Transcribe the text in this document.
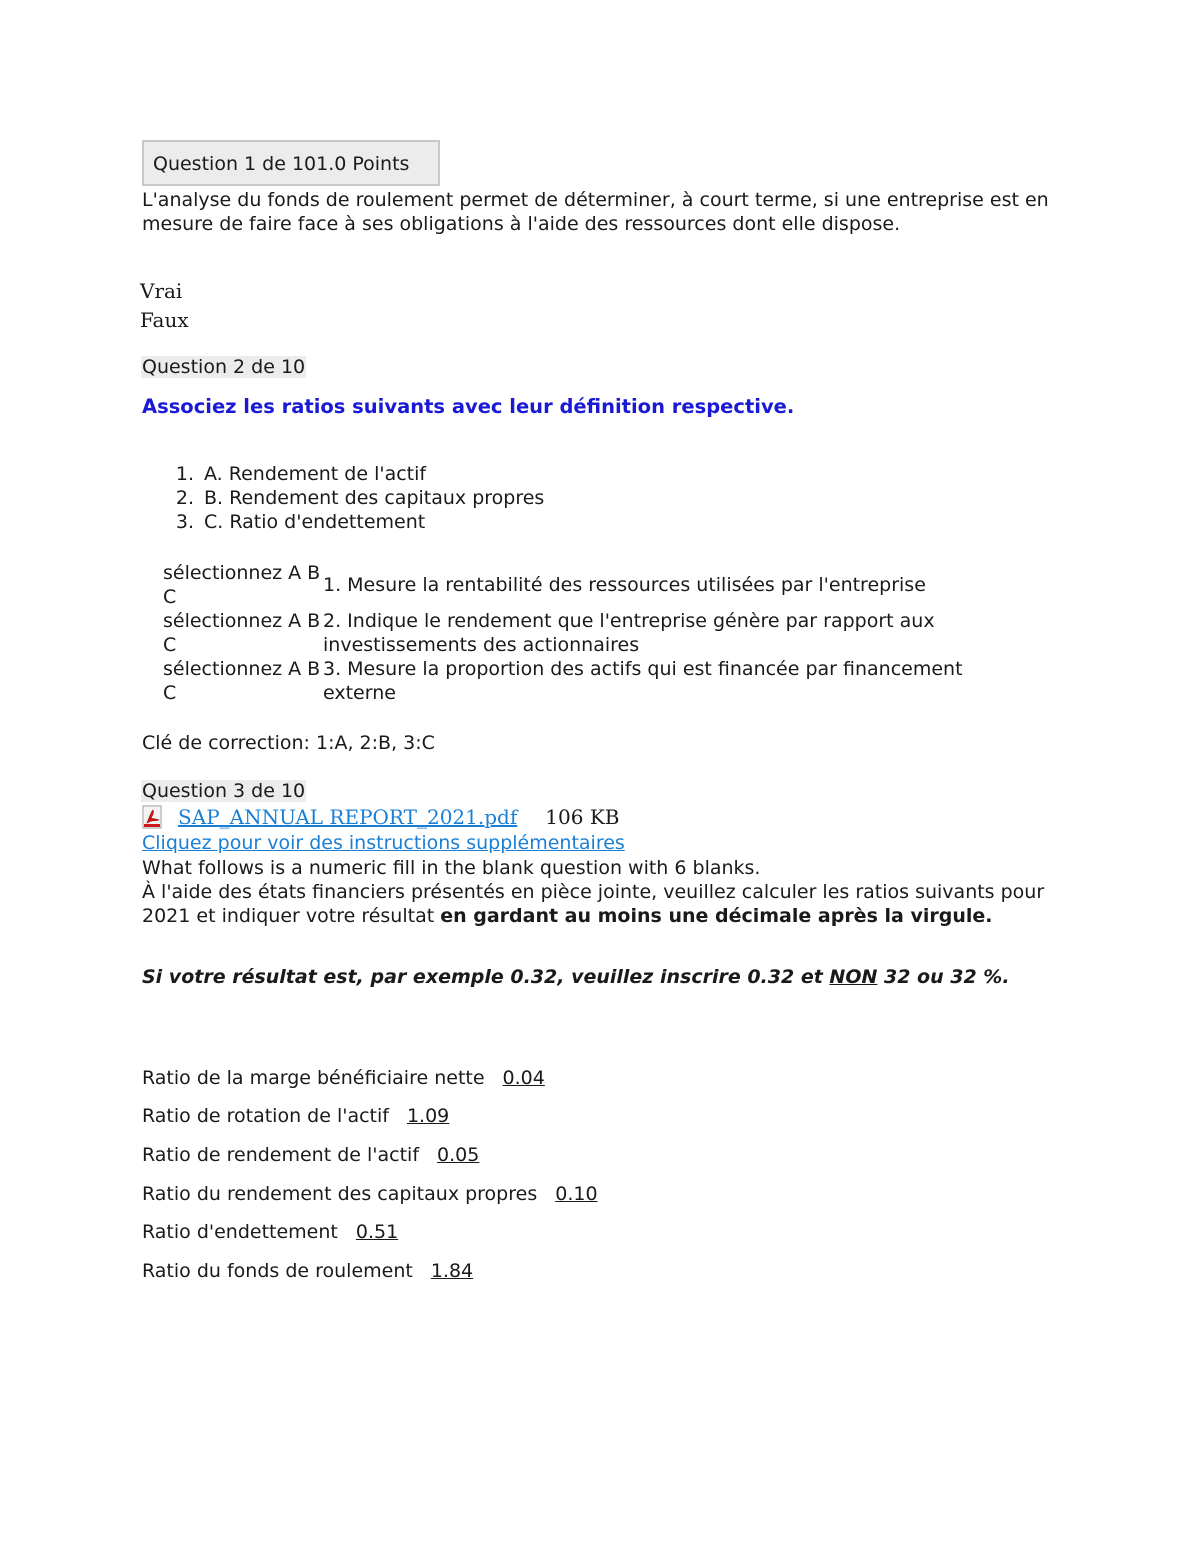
Question 1 de 101.0 Points
L'analyse du fonds de roulement permet de déterminer, à court terme, si une entreprise est en mesure de faire face à ses obligations à l'aide des ressources dont elle dispose.
Vrai
Faux
Question 2 de 10
Associez les ratios suivants avec leur définition respective.
1. A. Rendement de l'actif
2. B. Rendement des capitaux propres
3. C. Ratio d'endettement
sélectionnez A B C	1. Mesure la rentabilité des ressources utilisées par l'entreprise
sélectionnez A B C	2. Indique le rendement que l'entreprise génère par rapport aux investissements des actionnaires
sélectionnez A B C	3. Mesure la proportion des actifs qui est financée par financement externe
Clé de correction: 1:A, 2:B, 3:C
Question 3 de 10
SAP_ANNUAL REPORT_2021.pdf 106 KB
Cliquez pour voir des instructions supplémentaires
What follows is a numeric fill in the blank question with 6 blanks.
À l'aide des états financiers présentés en pièce jointe, veuillez calculer les ratios suivants pour 2021 et indiquer votre résultat en gardant au moins une décimale après la virgule.
Si votre résultat est, par exemple 0.32, veuillez inscrire 0.32 et NON 32 ou 32 %.
Ratio de la marge bénéficiaire nette 0.04
Ratio de rotation de l'actif 1.09
Ratio de rendement de l'actif 0.05
Ratio du rendement des capitaux propres 0.10
Ratio d'endettement 0.51
Ratio du fonds de roulement 1.84
